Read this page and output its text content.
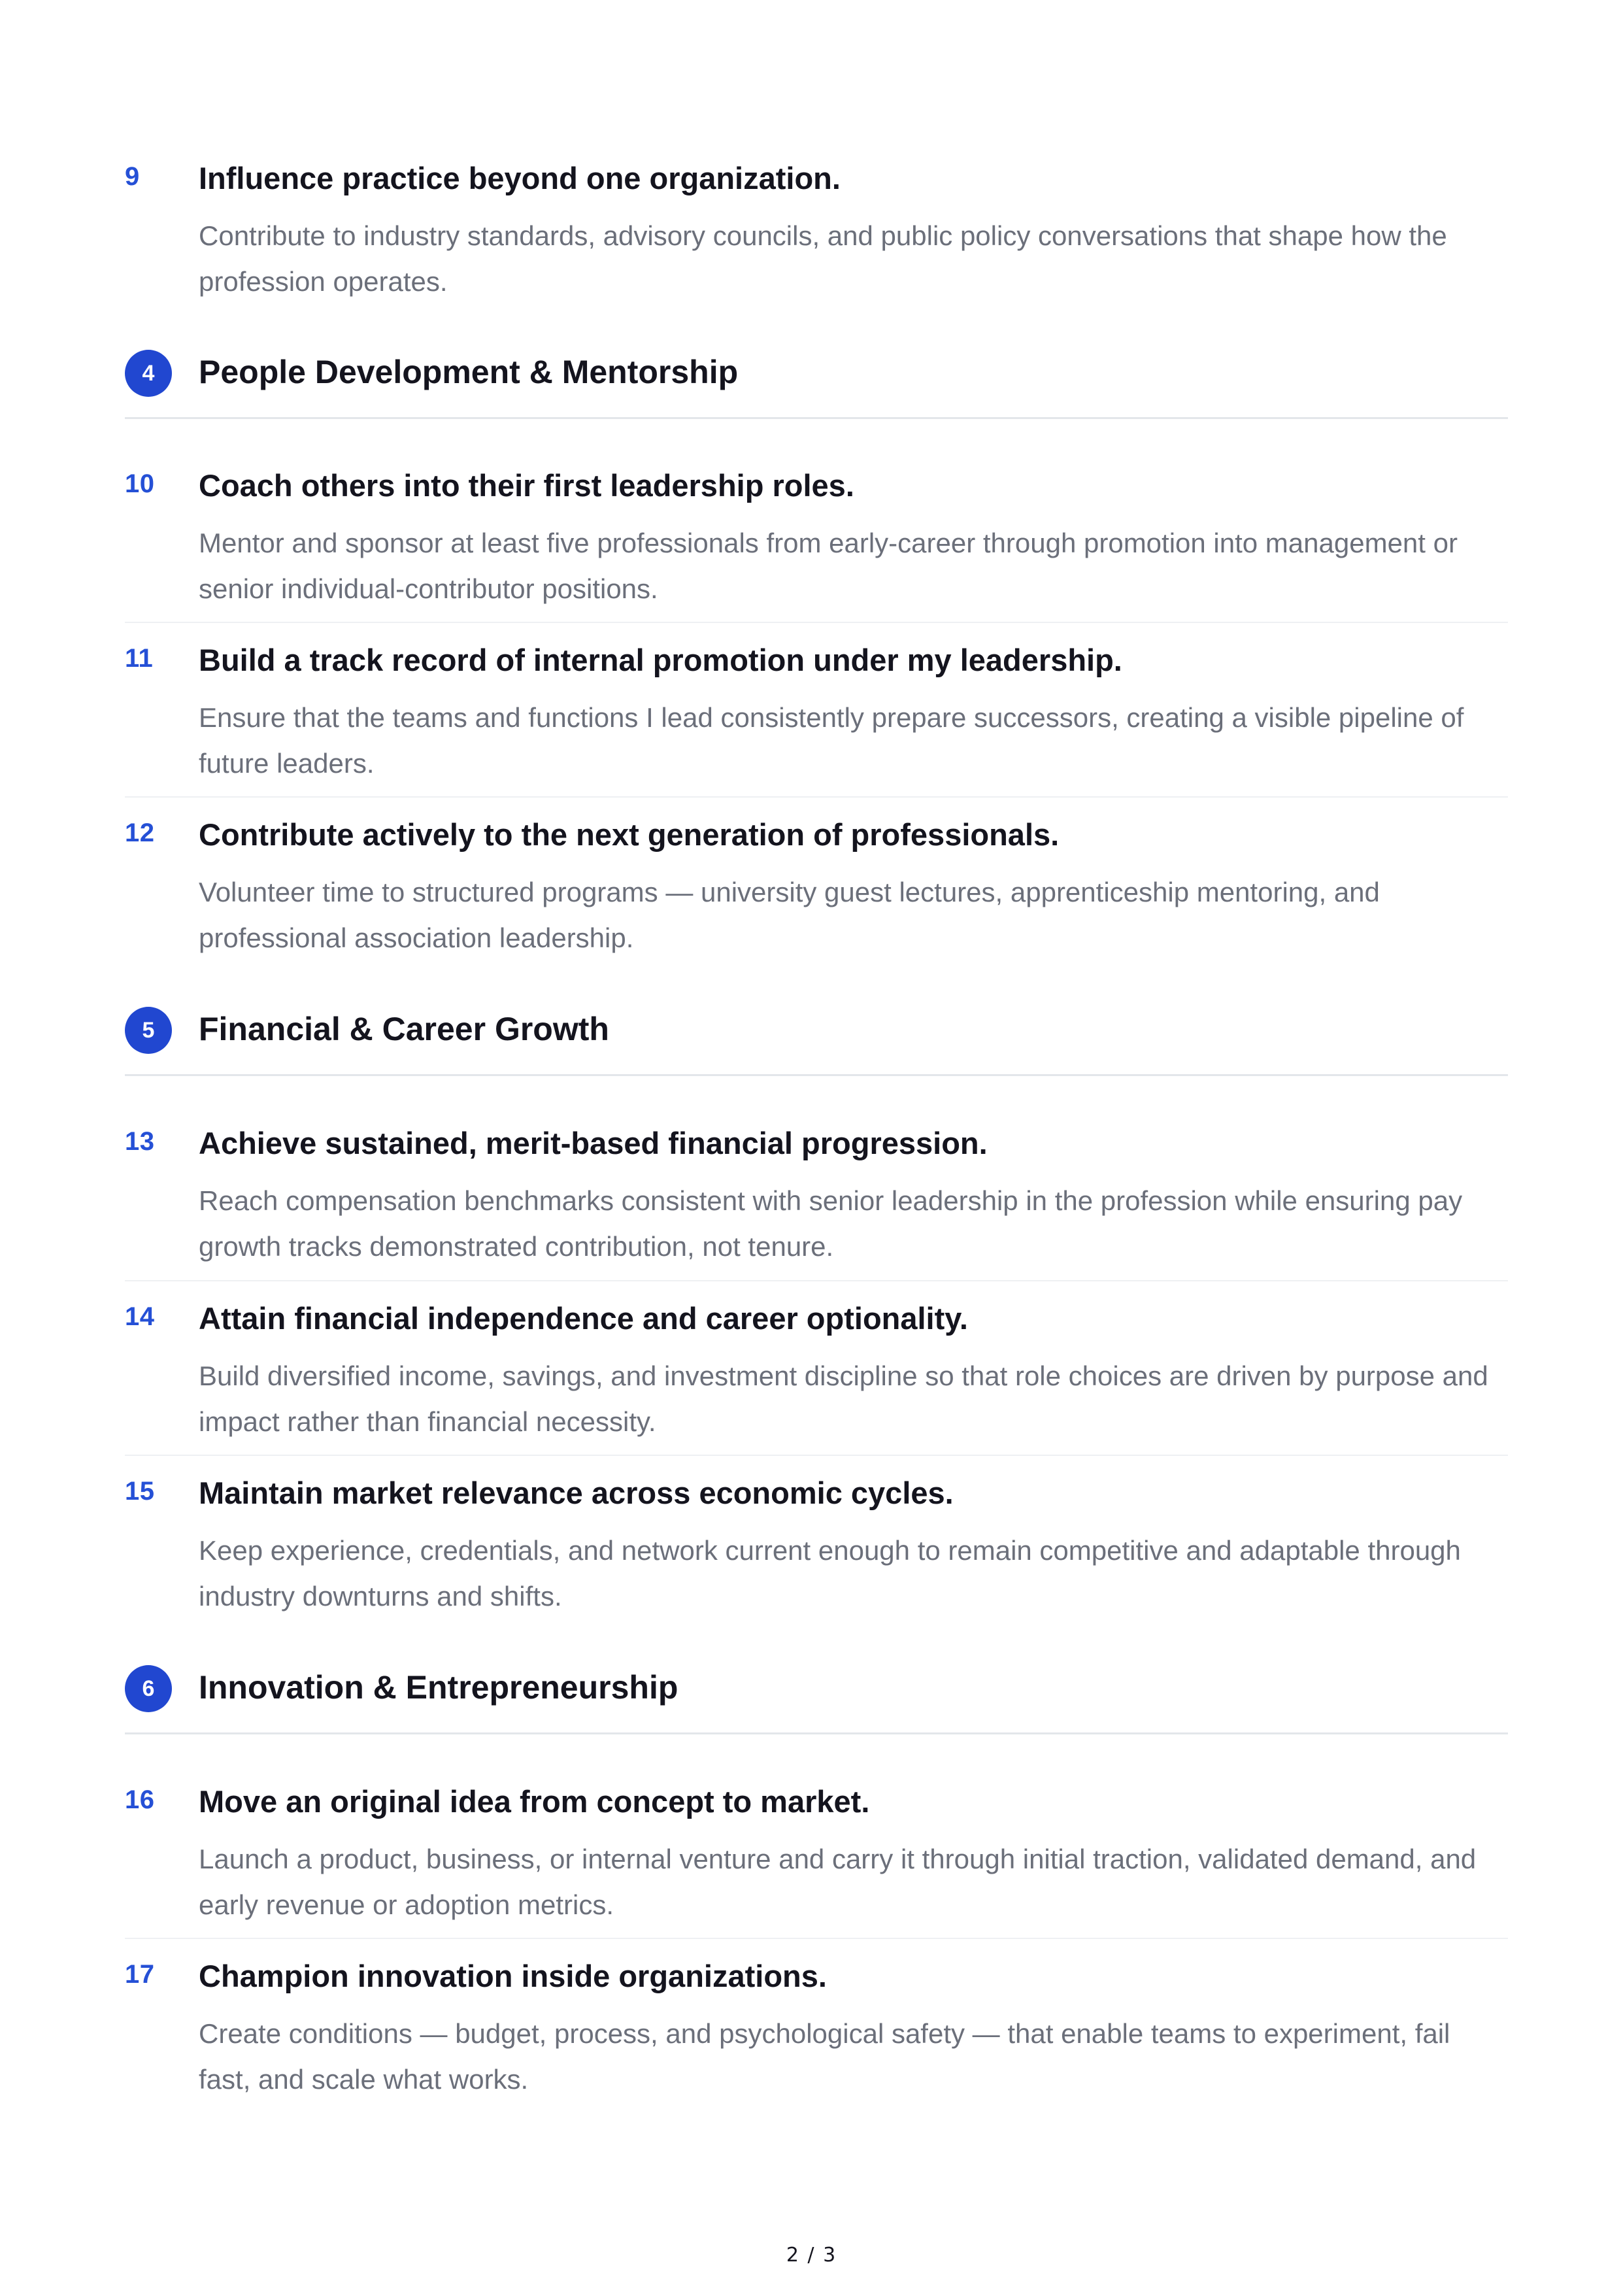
9	Influence practice beyond one organization.
Contribute to industry standards, advisory councils, and public policy conversations that shape how the profession operates.
4	People Development & Mentorship
10	Coach others into their first leadership roles.
Mentor and sponsor at least five professionals from early-career through promotion into management or senior individual-contributor positions.
11	Build a track record of internal promotion under my leadership.
Ensure that the teams and functions I lead consistently prepare successors, creating a visible pipeline of future leaders.
12	Contribute actively to the next generation of professionals.
Volunteer time to structured programs — university guest lectures, apprenticeship mentoring, and professional association leadership.
5	Financial & Career Growth
13	Achieve sustained, merit-based financial progression.
Reach compensation benchmarks consistent with senior leadership in the profession while ensuring pay growth tracks demonstrated contribution, not tenure.
14	Attain financial independence and career optionality.
Build diversified income, savings, and investment discipline so that role choices are driven by purpose and impact rather than financial necessity.
15	Maintain market relevance across economic cycles.
Keep experience, credentials, and network current enough to remain competitive and adaptable through industry downturns and shifts.
6	Innovation & Entrepreneurship
16	Move an original idea from concept to market.
Launch a product, business, or internal venture and carry it through initial traction, validated demand, and early revenue or adoption metrics.
17	Champion innovation inside organizations.
Create conditions — budget, process, and psychological safety — that enable teams to experiment, fail fast, and scale what works.
2 / 3
